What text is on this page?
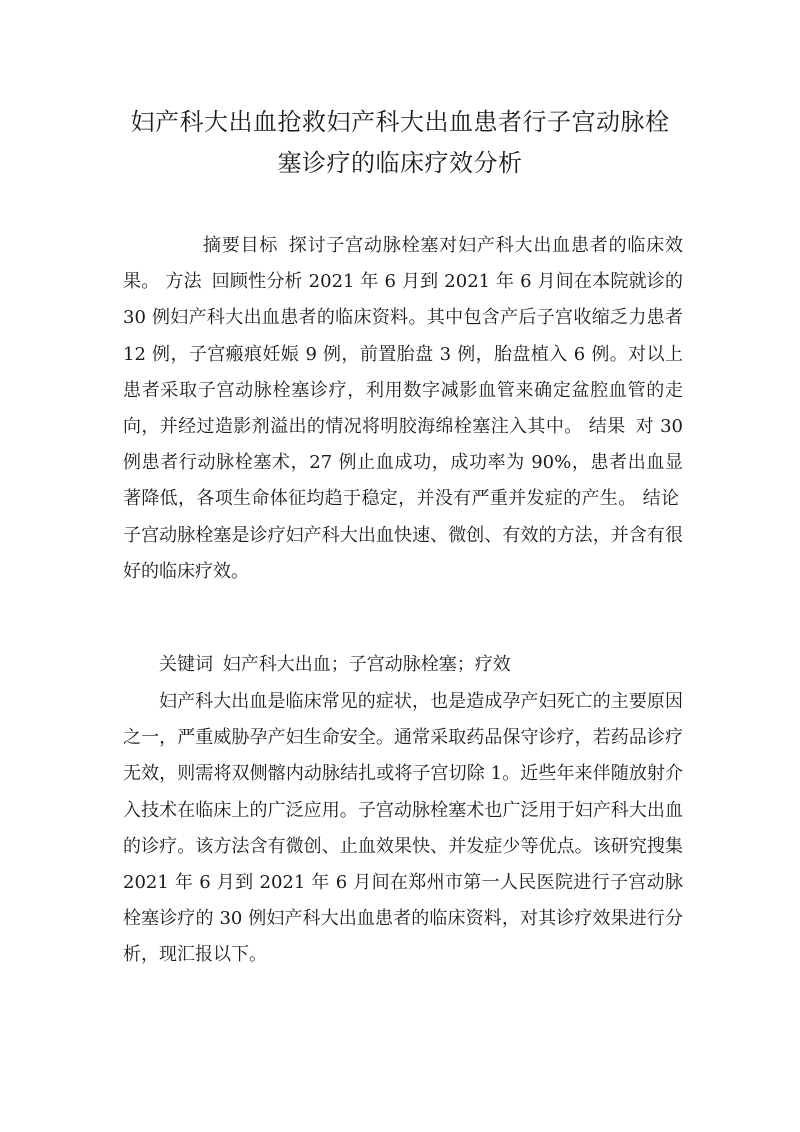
妇产科大出血抢救妇产科大出血患者行子宫动脉栓
塞诊疗的临床疗效分析

摘要目标 探讨子宫动脉栓塞对妇产科大出血患者的临床效果。 方法 回顾性分析 2021 年 6 月到 2021 年 6 月间在本院就诊的 30 例妇产科大出血患者的临床资料。其中包含产后子宫收缩乏力患者 12 例，子宫瘢痕妊娠 9 例，前置胎盘 3 例，胎盘植入 6 例。对以上患者采取子宫动脉栓塞诊疗，利用数字减影血管来确定盆腔血管的走向，并经过造影剂溢出的情况将明胶海绵栓塞注入其中。 结果 对 30 例患者行动脉栓塞术，27 例止血成功，成功率为 90%，患者出血显著降低，各项生命体征均趋于稳定，并没有严重并发症的产生。 结论 子宫动脉栓塞是诊疗妇产科大出血快速、微创、有效的方法，并含有很好的临床疗效。

关键词 妇产科大出血；子宫动脉栓塞；疗效

妇产科大出血是临床常见的症状，也是造成孕产妇死亡的主要原因之一，严重威胁孕产妇生命安全。通常采取药品保守诊疗，若药品诊疗无效，则需将双侧髂内动脉结扎或将子宫切除 1。近些年来伴随放射介入技术在临床上的广泛应用。子宫动脉栓塞术也广泛用于妇产科大出血的诊疗。该方法含有微创、止血效果快、并发症少等优点。该研究搜集 2021 年 6 月到 2021 年 6 月间在郑州市第一人民医院进行子宫动脉栓塞诊疗的 30 例妇产科大出血患者的临床资料，对其诊疗效果进行分析，现汇报以下。
